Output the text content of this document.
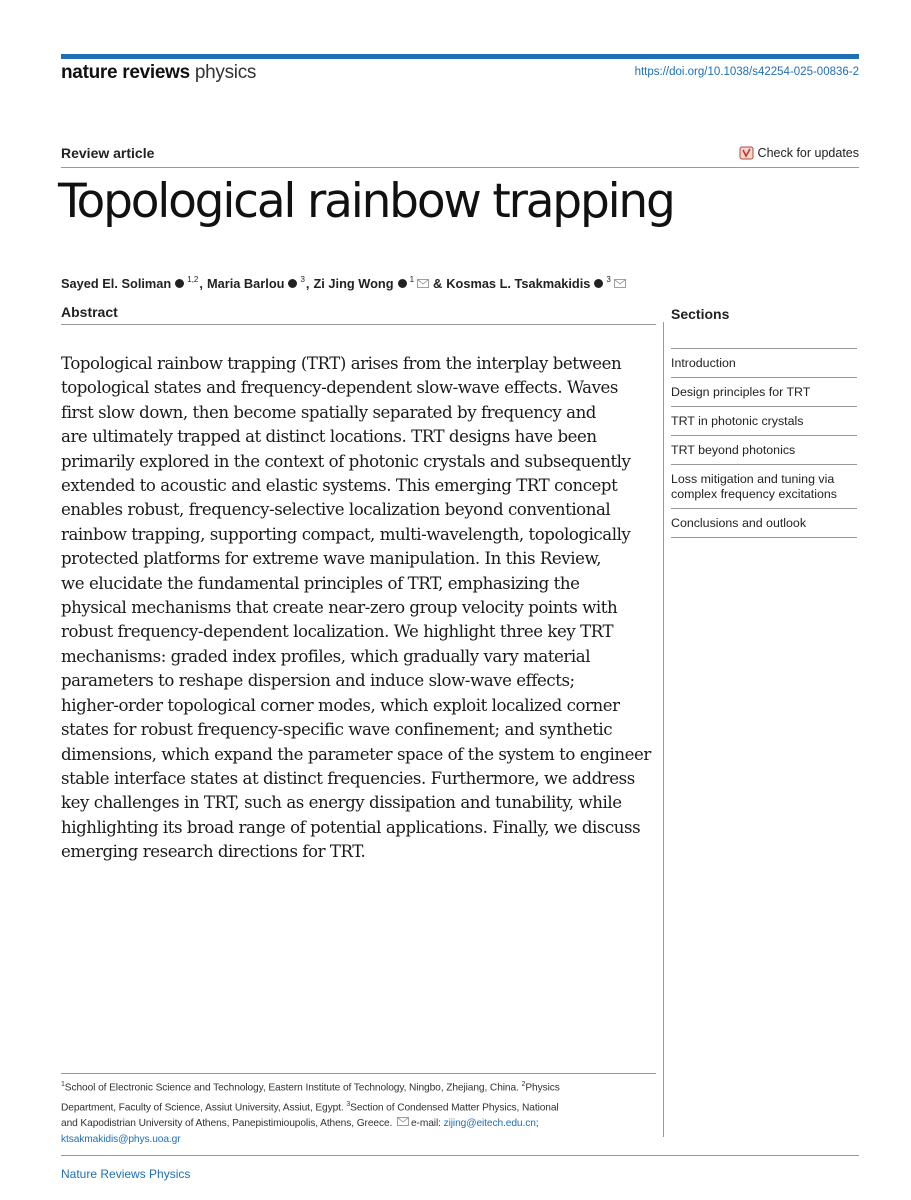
nature reviews physics	https://doi.org/10.1038/s42254-025-00836-2
Review article	Check for updates
Topological rainbow trapping
Sayed El. Soliman 1,2 , Maria Barlou 3 , Zi Jing Wong 1 & Kosmas L. Tsakmakidis 3
Abstract
Topological rainbow trapping (TRT) arises from the interplay between
topological states and frequency-dependent slow-wave effects. Waves
first slow down, then become spatially separated by frequency and
are ultimately trapped at distinct locations. TRT designs have been
primarily explored in the context of photonic crystals and subsequently
extended to acoustic and elastic systems. This emerging TRT concept
enables robust, frequency-selective localization beyond conventional
rainbow trapping, supporting compact, multi-wavelength, topologically
protected platforms for extreme wave manipulation. In this Review,
we elucidate the fundamental principles of TRT, emphasizing the
physical mechanisms that create near-zero group velocity points with
robust frequency-dependent localization. We highlight three key TRT
mechanisms: graded index profiles, which gradually vary material
parameters to reshape dispersion and induce slow-wave effects;
higher-order topological corner modes, which exploit localized corner
states for robust frequency-specific wave confinement; and synthetic
dimensions, which expand the parameter space of the system to engineer
stable interface states at distinct frequencies. Furthermore, we address
key challenges in TRT, such as energy dissipation and tunability, while
highlighting its broad range of potential applications. Finally, we discuss
emerging research directions for TRT.
Sections
Introduction
Design principles for TRT
TRT in photonic crystals
TRT beyond photonics
Loss mitigation and tuning via complex frequency excitations
Conclusions and outlook
$^1$School of Electronic Science and Technology, Eastern Institute of Technology, Ningbo, Zhejiang, China. $^2$Physics
Department, Faculty of Science, Assiut University, Assiut, Egypt. $^3$Section of Condensed Matter Physics, National
and Kapodistrian University of Athens, Panepistimioupolis, Athens, Greece. e-mail: zijing@eitech.edu.cn;
ktsakmakidis@phys.uoa.gr
Nature Reviews Physics
